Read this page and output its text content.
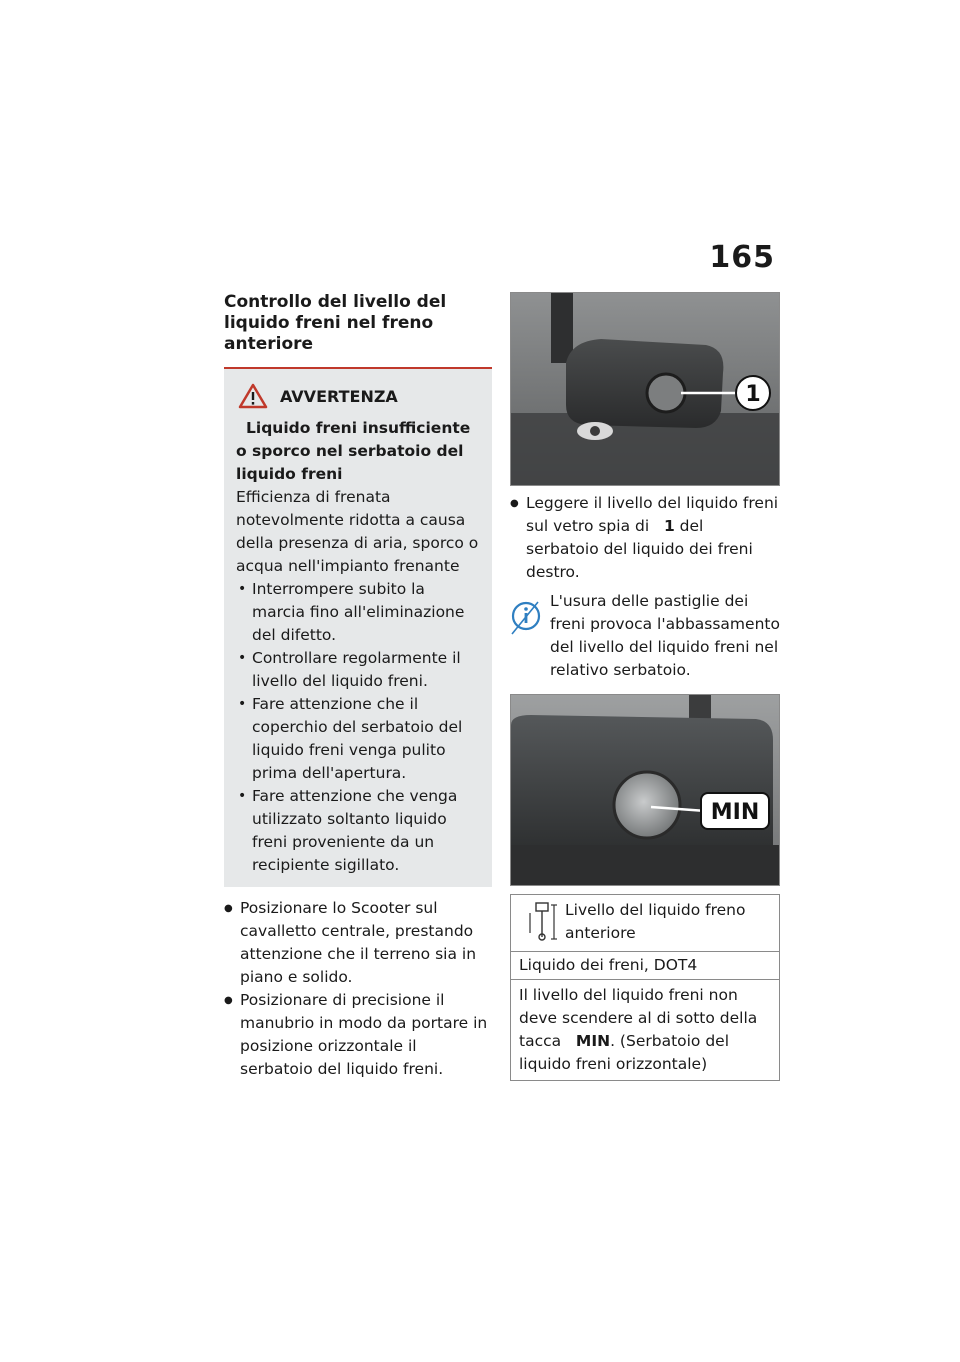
165
Controllo del livello del liquido freni nel freno anteriore
AVVERTENZA

Liquido freni insufficiente o sporco nel serbatoio del liquido freni

Efficienza di frenata notevolmente ridotta a causa della presenza di aria, sporco o acqua nell'impianto frenante

• Interrompere subito la marcia fino all'eliminazione del difetto.
• Controllare regolarmente il livello del liquido freni.
• Fare attenzione che il coperchio del serbatoio del liquido freni venga pulito prima dell'apertura.
• Fare attenzione che venga utilizzato soltanto liquido freni proveniente da un recipiente sigillato.
● Posizionare lo Scooter sul cavalletto centrale, prestando attenzione che il terreno sia in piano e solido.
● Posizionare di precisione il manubrio in modo da portare in posizione orizzontale il serbatoio del liquido freni.
1
● Leggere il livello del liquido freni sul vetro spia di 1 del serbatoio del liquido dei freni destro.
L'usura delle pastiglie dei freni provoca l'abbassamento del livello del liquido freni nel relativo serbatoio.
MIN
Livello del liquido freno anteriore
Liquido dei freni, DOT4
Il livello del liquido freni non deve scendere al di sotto della tacca MIN. (Serbatoio del liquido freni orizzontale)
